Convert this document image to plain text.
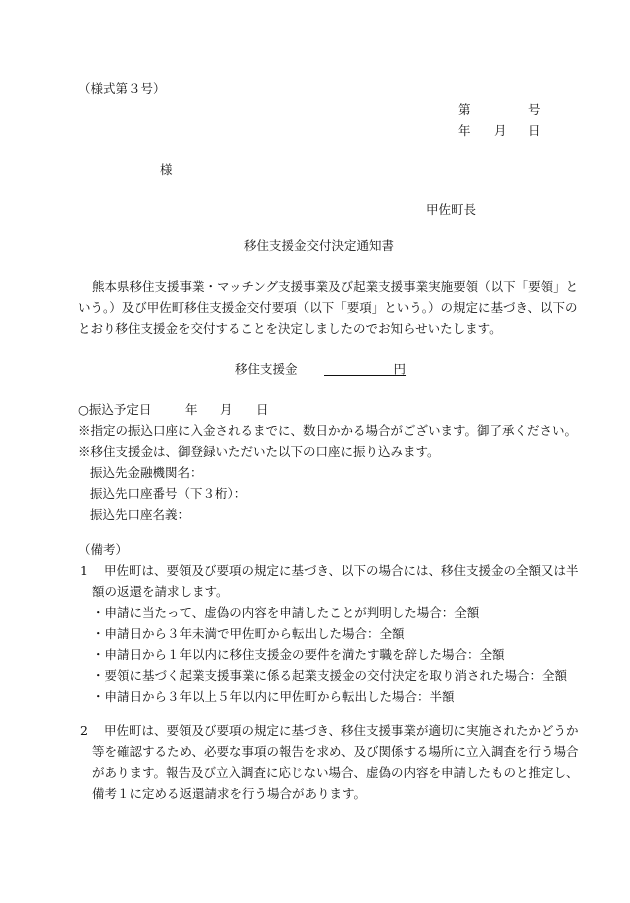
（様式第３号）
第	号
年 月 日
様
甲佐町長
移住支援金交付決定通知書
熊本県移住支援事業・マッチング支援事業及び起業支援事業実施要領（以下「要領」と
いう。）及び甲佐町移住支援金交付要項（以下「要項」という。）の規定に基づき、以下の
とおり移住支援金を交付することを決定しましたのでお知らせいたします。
移住支援金	円
○振込予定日	年 月 日
※指定の振込口座に入金されるまでに、数日かかる場合がございます。御了承ください。
※移住支援金は、御登録いただいた以下の口座に振り込みます。
振込先金融機関名：
振込先口座番号（下３桁）：
振込先口座名義：
（備考）
1 甲佐町は、要領及び要項の規定に基づき、以下の場合には、移住支援金の全額又は半
額の返還を請求します。
・申請に当たって、虚偽の内容を申請したことが判明した場合：全額
・申請日から３年未満で甲佐町から転出した場合：全額
・申請日から１年以内に移住支援金の要件を満たす職を辞した場合：全額
・要領に基づく起業支援事業に係る起業支援金の交付決定を取り消された場合：全額
・申請日から３年以上５年以内に甲佐町から転出した場合：半額
2 甲佐町は、要領及び要項の規定に基づき、移住支援事業が適切に実施されたかどうか
等を確認するため、必要な事項の報告を求め、及び関係する場所に立入調査を行う場合
があります。報告及び立入調査に応じない場合、虚偽の内容を申請したものと推定し、
備考１に定める返還請求を行う場合があります。
